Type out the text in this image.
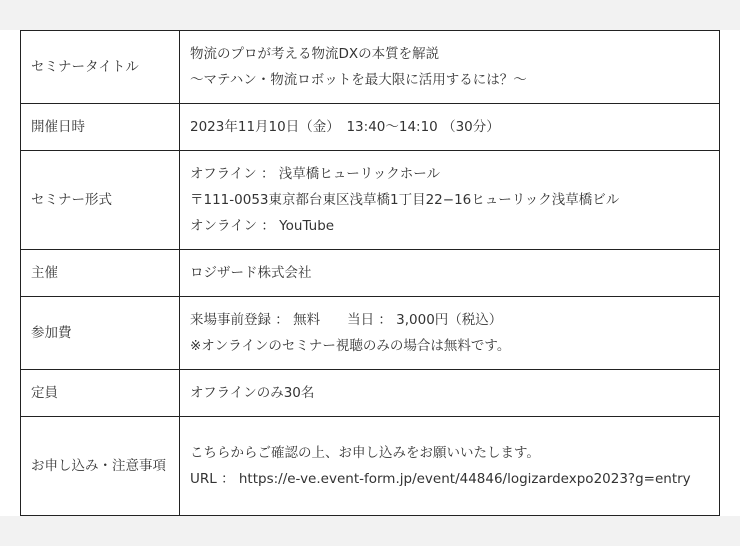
セミナータイトル	物流のプロが考える物流DXの本質を解説
～マテハン・物流ロボットを最大限に活用するには？～

開催日時	2023年11月10日（金）　13:40～14:10 （30分）

セミナー形式	オフライン ： 浅草橋ヒューリックホール
〒111-0053東京都台東区浅草橋1丁目22−16ヒューリック浅草橋ビル
オンライン ： YouTube

主催	ロジザード株式会社

参加費	来場事前登録 ： 無料　　当日 ： 3,000円（税込）
※オンラインのセミナー視聴のみの場合は無料です。

定員	オフラインのみ30名

お申し込み・注意事項	こちらからご確認の上、お申し込みをお願いいたします。
URL ： https://e-ve.event-form.jp/event/44846/logizardexpo2023?g=entry
